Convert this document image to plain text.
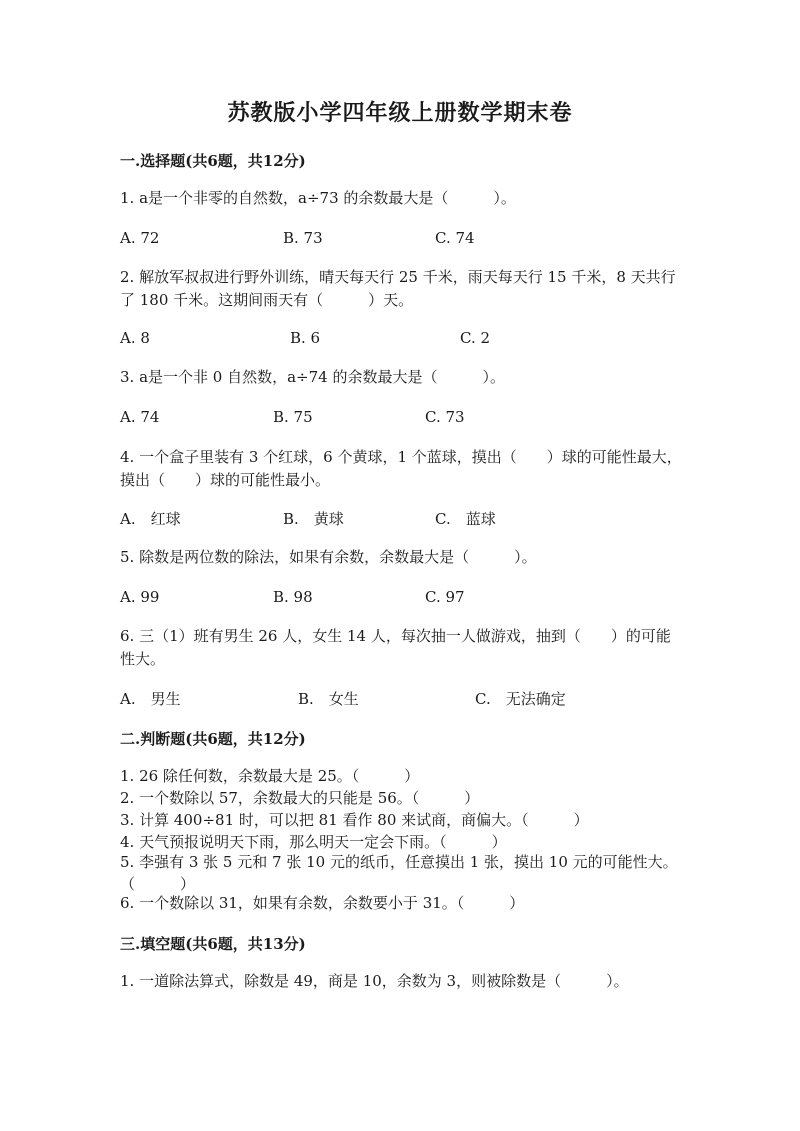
苏教版小学四年级上册数学期末卷
一.选择题(共6题，共12分)
1. a是一个非零的自然数，a÷73 的余数最大是（　　　）。
A. 72	B. 73	C. 74
2. 解放军叔叔进行野外训练，晴天每天行 25 千米，雨天每天行 15 千米，8 天共行了 180 千米。这期间雨天有（　　　）天。
A. 8	B. 6	C. 2
3. a是一个非 0 自然数，a÷74 的余数最大是（　　　）。
A. 74	B. 75	C. 73
4. 一个盒子里装有 3 个红球，6 个黄球，1 个蓝球，摸出（　　）球的可能性最大，摸出（　　）球的可能性最小。
A.　红球	B.　黄球	C.　蓝球
5. 除数是两位数的除法，如果有余数，余数最大是（　　　）。
A. 99	B. 98	C. 97
6. 三（1）班有男生 26 人，女生 14 人，每次抽一人做游戏，抽到（　　）的可能性大。
A.　男生	B.　女生	C.　无法确定
二.判断题(共6题，共12分)
1. 26 除任何数，余数最大是 25。（　　　）
2. 一个数除以 57，余数最大的只能是 56。（　　　）
3. 计算 400÷81 时，可以把 81 看作 80 来试商，商偏大。（　　　）
4. 天气预报说明天下雨，那么明天一定会下雨。（　　　）
5. 李强有 3 张 5 元和 7 张 10 元的纸币，任意摸出 1 张，摸出 10 元的可能性大。　　　（　　　）
6. 一个数除以 31，如果有余数，余数要小于 31。（　　　）
三.填空题(共6题，共13分)
1. 一道除法算式，除数是 49，商是 10，余数为 3，则被除数是（　　　）。
